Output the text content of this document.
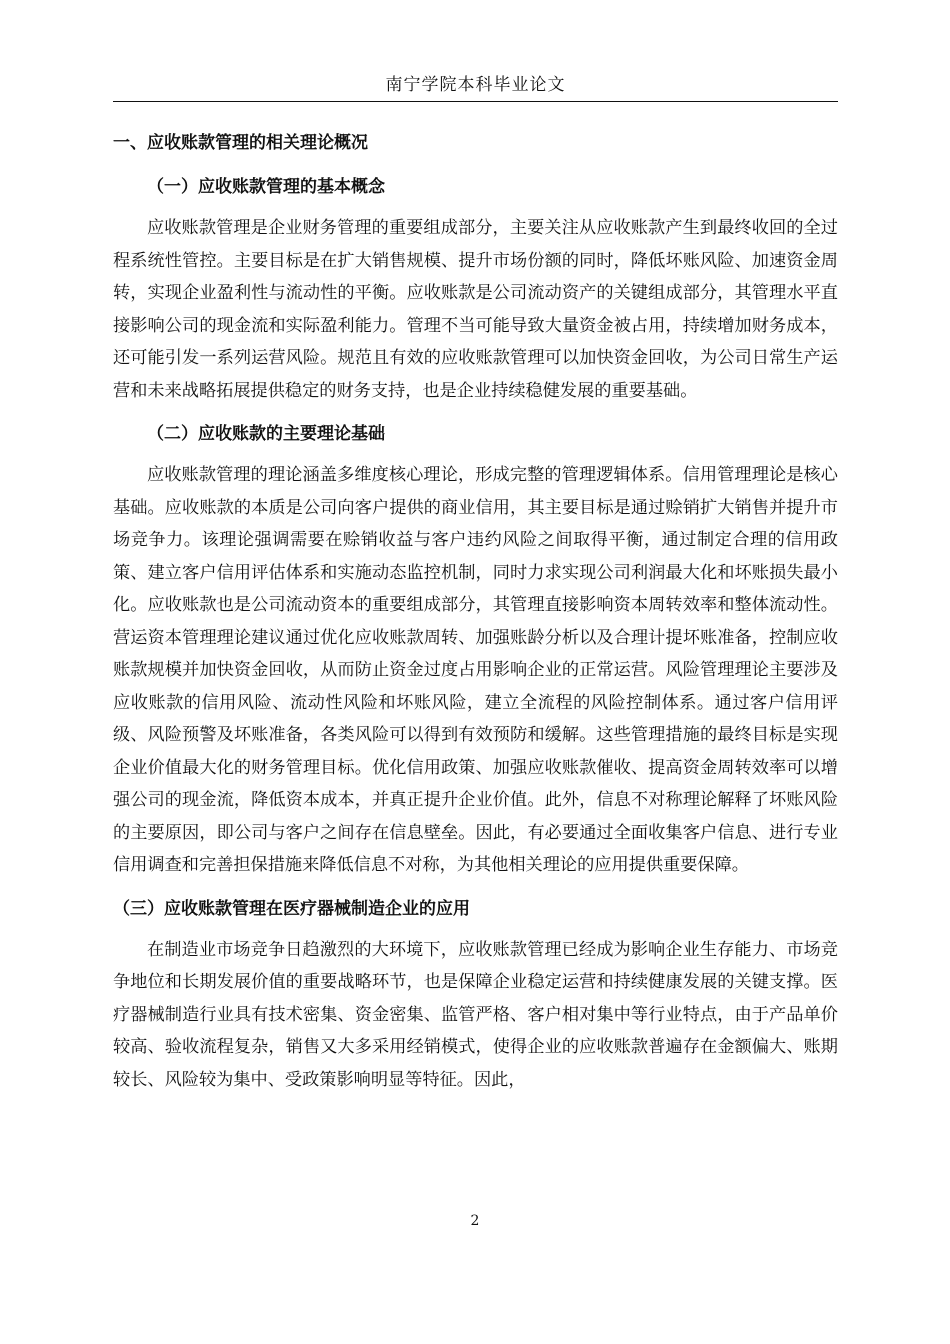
南宁学院本科毕业论文
一、应收账款管理的相关理论概况
（一）应收账款管理的基本概念

应收账款管理是企业财务管理的重要组成部分，主要关注从应收账款产生到最终收回的全过程系统性管控。主要目标是在扩大销售规模、提升市场份额的同时，降低坏账风险、加速资金周转，实现企业盈利性与流动性的平衡。应收账款是公司流动资产的关键组成部分，其管理水平直接影响公司的现金流和实际盈利能力。管理不当可能导致大量资金被占用，持续增加财务成本，还可能引发一系列运营风险。规范且有效的应收账款管理可以加快资金回收，为公司日常生产运营和未来战略拓展提供稳定的财务支持，也是企业持续稳健发展的重要基础。

（二）应收账款的主要理论基础

应收账款管理的理论涵盖多维度核心理论，形成完整的管理逻辑体系。信用管理理论是核心基础。应收账款的本质是公司向客户提供的商业信用，其主要目标是通过赊销扩大销售并提升市场竞争力。该理论强调需要在赊销收益与客户违约风险之间取得平衡，通过制定合理的信用政策、建立客户信用评估体系和实施动态监控机制，同时力求实现公司利润最大化和坏账损失最小化。应收账款也是公司流动资本的重要组成部分，其管理直接影响资本周转效率和整体流动性。营运资本管理理论建议通过优化应收账款周转、加强账龄分析以及合理计提坏账准备，控制应收账款规模并加快资金回收，从而防止资金过度占用影响企业的正常运营。风险管理理论主要涉及应收账款的信用风险、流动性风险和坏账风险，建立全流程的风险控制体系。通过客户信用评级、风险预警及坏账准备，各类风险可以得到有效预防和缓解。这些管理措施的最终目标是实现企业价值最大化的财务管理目标。优化信用政策、加强应收账款催收、提高资金周转效率可以增强公司的现金流，降低资本成本，并真正提升企业价值。此外，信息不对称理论解释了坏账风险的主要原因，即公司与客户之间存在信息壁垒。因此，有必要通过全面收集客户信息、进行专业信用调查和完善担保措施来降低信息不对称，为其他相关理论的应用提供重要保障。

（三）应收账款管理在医疗器械制造企业的应用

在制造业市场竞争日趋激烈的大环境下，应收账款管理已经成为影响企业生存能力、市场竞争地位和长期发展价值的重要战略环节，也是保障企业稳定运营和持续健康发展的关键支撑。医疗器械制造行业具有技术密集、资金密集、监管严格、客户相对集中等行业特点，由于产品单价较高、验收流程复杂，销售又大多采用经销模式，使得企业的应收账款普遍存在金额偏大、账期较长、风险较为集中、受政策影响明显等特征。因此，

2
